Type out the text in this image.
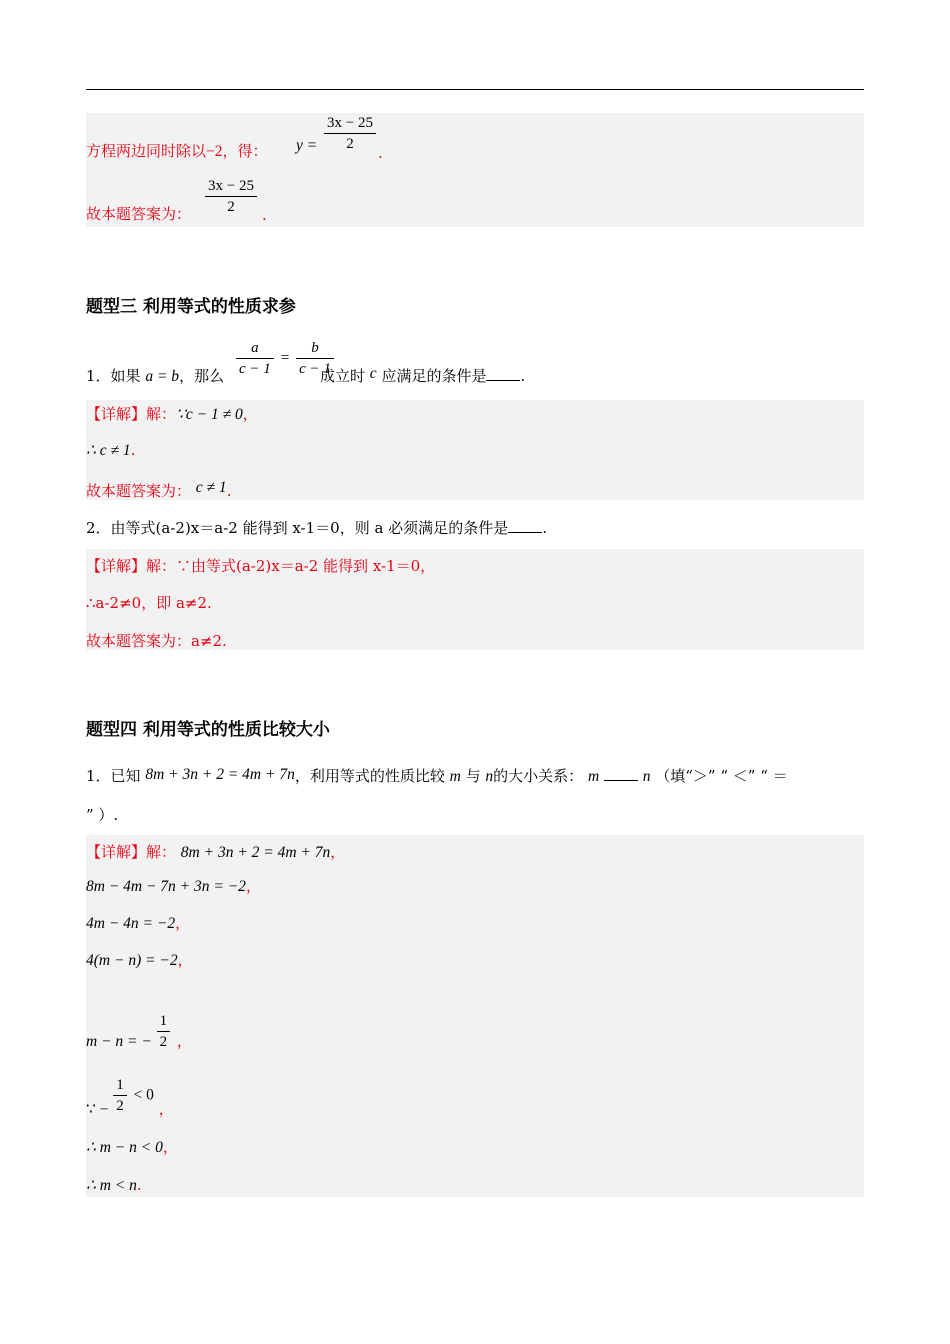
方程两边同时除以−2，得： $y = \frac{3x - 25}{2}$ .
故本题答案为： $\frac{3x - 25}{2}$ .
题型三 利用等式的性质求参
1．如果 a = b，那么 $\frac{a}{c - 1} = \frac{b}{c - 1}$
成立时 c 应满足的条件是 .
【详解】解：∵c − 1 ≠ 0，
∴ c ≠ 1.
故本题答案为： c ≠ 1.
2．由等式(a-2)x＝a-2 能得到 x-1＝0，则 a 必须满足的条件是 .
【详解】解：∵由等式(a-2)x＝a-2 能得到 x-1＝0，
∴a-2≠0，即 a≠2.
故本题答案为：a≠2.
题型四 利用等式的性质比较大小
1．已知 8m + 3n + 2 = 4m + 7n，利用等式的性质比较 m 与 n的大小关系： m	n （填“＞” “ ＜” “ ＝
” ）.
【详解】解： 8m + 3n + 2 = 4m + 7n，
8m − 4m − 7n + 3n = −2，
4m − 4n = −2，
4(m − n) = −2，
m − n = − $\frac{1}{2}$ ，
∵ − $\frac{1}{2} < 0$ ，
∴ m − n < 0，
∴ m < n.
